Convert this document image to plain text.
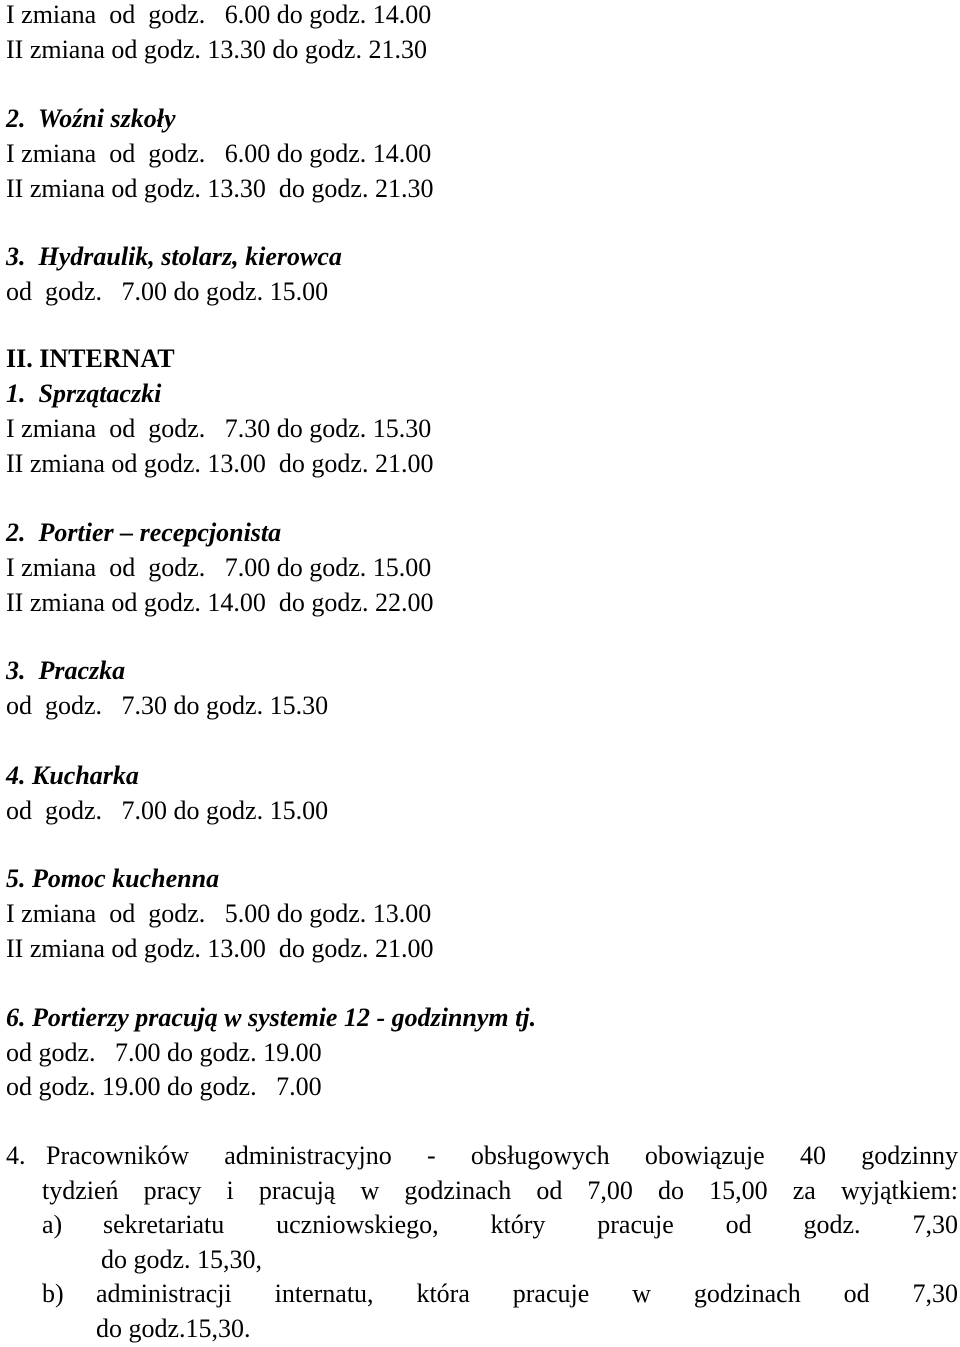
I zmiana  od  godz.   6.00 do godz. 14.00
II zmiana od godz. 13.30 do godz. 21.30
2. Woźni szkoły
I zmiana  od  godz.   6.00 do godz. 14.00
II zmiana od godz. 13.30  do godz. 21.30
3. Hydraulik, stolarz, kierowca
od  godz.   7.00 do godz. 15.00
II. INTERNAT
1. Sprzątaczki
I zmiana  od  godz.   7.30 do godz. 15.30
II zmiana od godz. 13.00  do godz. 21.00
2. Portier – recepcjonista
I zmiana  od  godz.   7.00 do godz. 15.00
II zmiana od godz. 14.00  do godz. 22.00
3. Praczka
od  godz.   7.30 do godz. 15.30
4. Kucharka
od  godz.   7.00 do godz. 15.00
5. Pomoc kuchenna
I zmiana  od  godz.   5.00 do godz. 13.00
II zmiana od godz. 13.00  do godz. 21.00
6. Portierzy pracują w systemie 12 - godzinnym tj.
od godz.   7.00 do godz. 19.00
od godz. 19.00 do godz.   7.00
4. Pracowników administracyjno - obsługowych obowiązuje 40 godzinny
tydzień pracy i pracują w godzinach od 7,00 do 15,00 za wyjątkiem:
a) sekretariatu uczniowskiego, który pracuje od godz. 7,30
do godz. 15,30,
b) administracji internatu, która pracuje w godzinach od 7,30
do godz.15,30.
